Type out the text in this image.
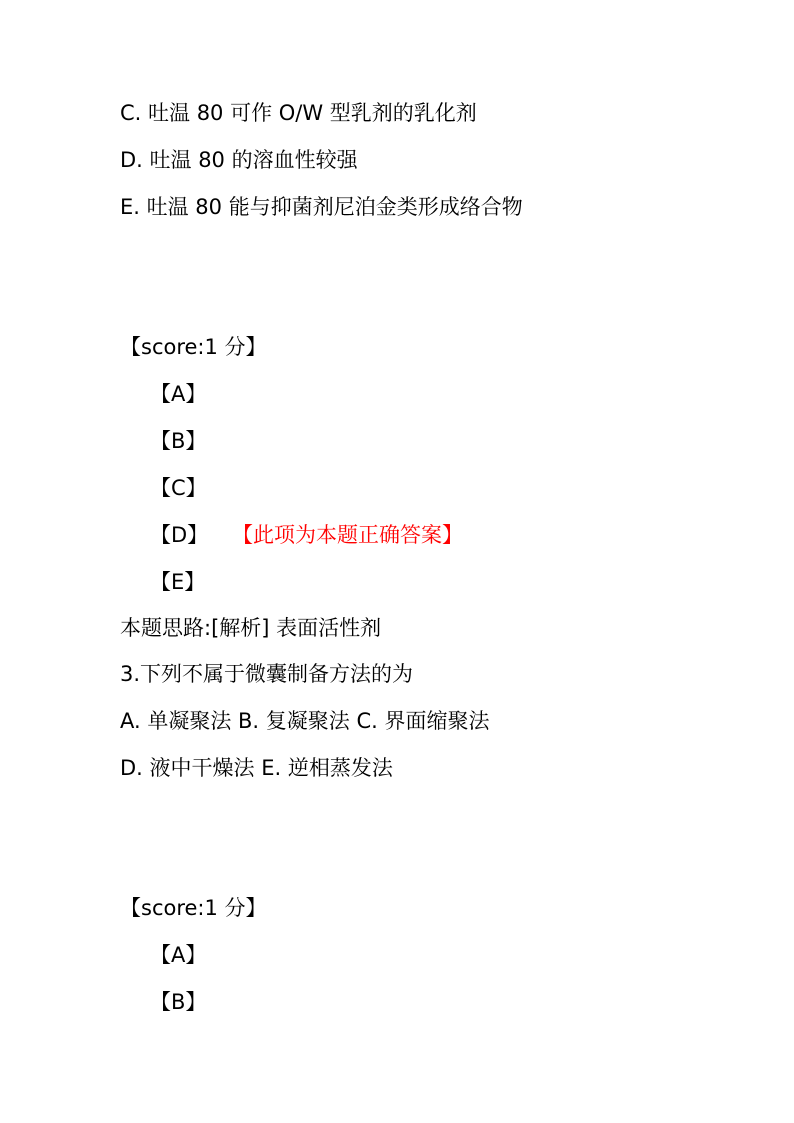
C. 吐温 80 可作 O/W 型乳剂的乳化剂
D. 吐温 80 的溶血性较强
E. 吐温 80 能与抑菌剂尼泊金类形成络合物
【score:1 分】
【A】
【B】
【C】
【D】 【此项为本题正确答案】
【E】
本题思路:[解析] 表面活性剂
3.下列不属于微囊制备方法的为
A. 单凝聚法 B. 复凝聚法 C. 界面缩聚法
D. 液中干燥法 E. 逆相蒸发法
【score:1 分】
【A】
【B】
